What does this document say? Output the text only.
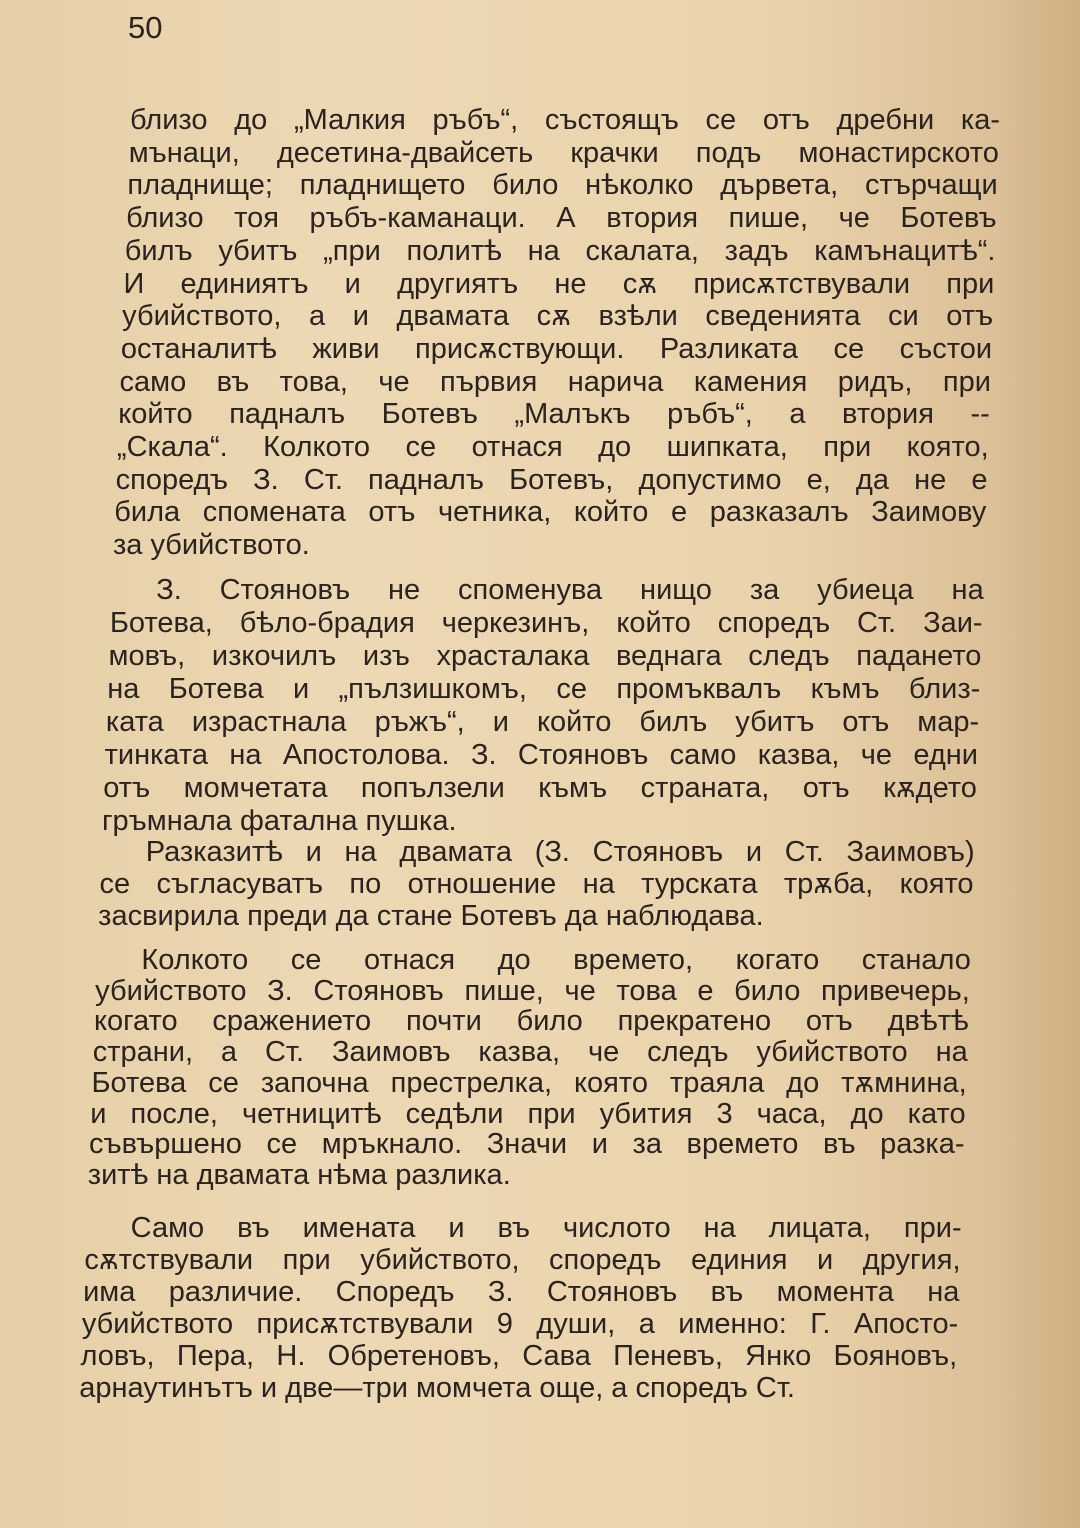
50
близо до „Малкия ръбъ“, състоящъ се отъ дребни ка-
мънаци, десетина-двайсеть крачки подъ монастирското
пладнище; пладнището било нѣколко дървета, стърчащи
близо тоя ръбъ-каманаци. А втория пише, че Ботевъ
билъ убитъ „при политѣ на скалата, задъ камънацитѣ“.
И единиятъ и другиятъ не сѫ присѫтствували при
убийството, а и двамата сѫ взѣли сведенията си отъ
останалитѣ живи присѫствующи. Разликата се състои
само въ това, че първия нарича камения ридъ, при
който падналъ Ботевъ „Малъкъ ръбъ“, а втория --
„Скала“. Колкото се отнася до шипката, при която,
споредъ З. Ст. падналъ Ботевъ, допустимо е, да не е
била спомената отъ четника, който е разказалъ Заимову
за убийството.
З. Стояновъ не споменува нищо за убиеца на
Ботева, бѣло-брадия черкезинъ, който споредъ Ст. Заи-
мовъ, изкочилъ изъ храсталака веднага следъ падането
на Ботева и „пълзишкомъ, се промъквалъ къмъ близ-
ката израстнала ръжъ“, и който билъ убитъ отъ мар-
тинката на Апостолова. З. Стояновъ само казва, че едни
отъ момчетата попълзели къмъ страната, отъ кѫдето
гръмнала фатална пушка.
Разказитѣ и на двамата (З. Стояновъ и Ст. Заимовъ)
се съгласуватъ по отношение на турската трѫба, която
засвирила преди да стане Ботевъ да наблюдава.
Колкото се отнася до времето, когато станало
убийството З. Стояновъ пише, че това е било привечерь,
когато сражението почти било прекратено отъ двѣтѣ
страни, а Ст. Заимовъ казва, че следъ убийството на
Ботева се започна престрелка, която траяла до тѫмнина,
и после, четницитѣ седѣли при убития 3 часа, до като
съвършено се мръкнало. Значи и за времето въ разка-
зитѣ на двамата нѣма разлика.
Само въ имената и въ числото на лицата, при-
сѫтствували при убийството, споредъ единия и другия,
има различие. Споредъ З. Стояновъ въ момента на
убийството присѫтствували 9 души, а именно: Г. Апосто-
ловъ, Пера, Н. Обретеновъ, Сава Пеневъ, Янко Бояновъ,
арнаутинътъ и две—три момчета още, а споредъ Ст.
